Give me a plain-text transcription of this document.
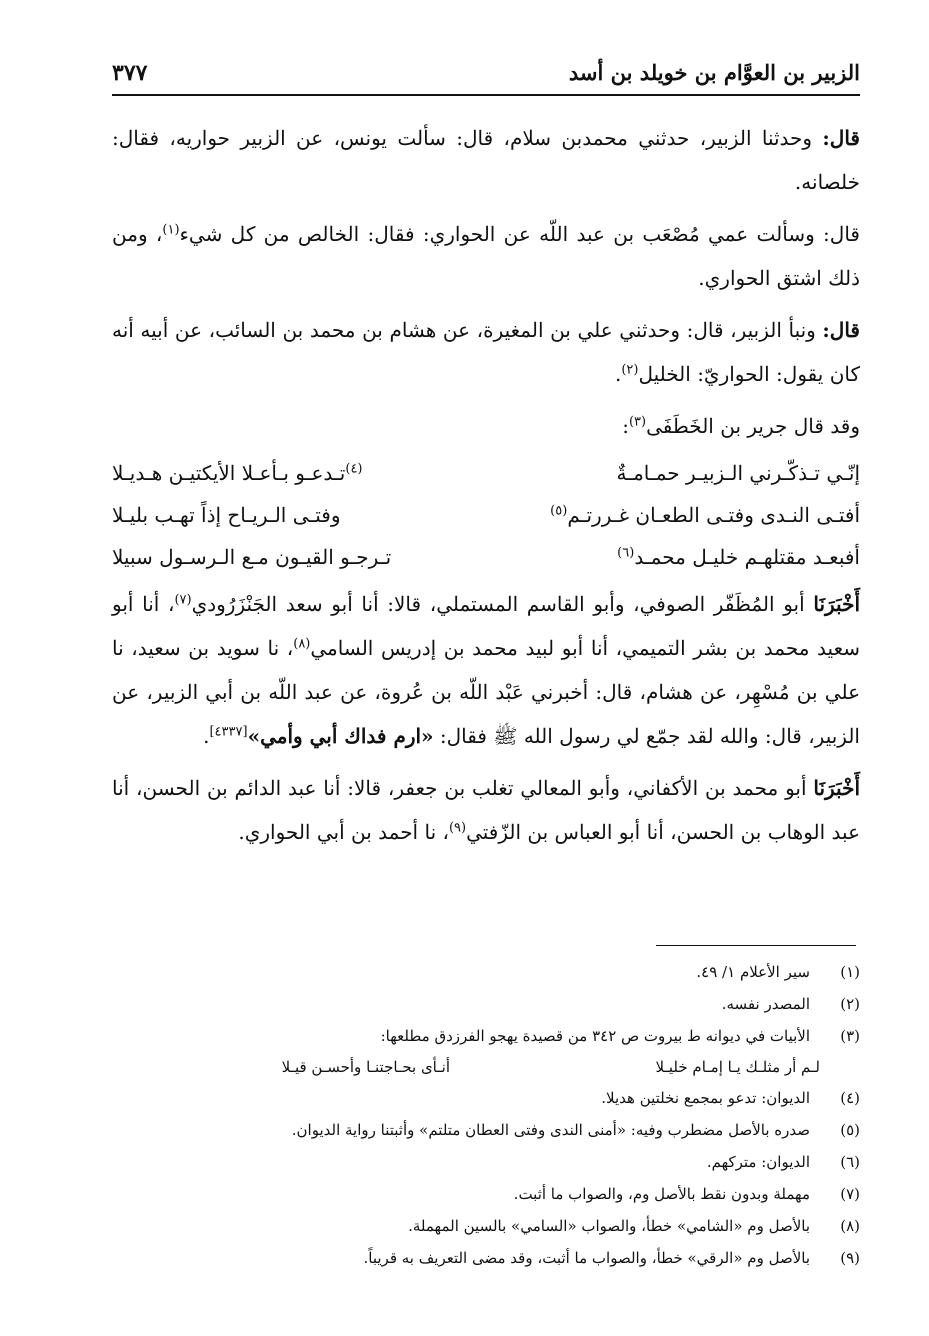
الزبير بن العوَّام بن خويلد بن أسد
٣٧٧

قال: وحدثنا الزبير، حدثني محمدبن سلام، قال: سألت يونس، عن الزبير حواريه، فقال: خلصانه.

قال: وسألت عمي مُصْعَب بن عبد اللّه عن الحواري: فقال: الخالص من كل شيء$^{(١)}$، ومن ذلك اشتق الحواري.

قال: ونبأ الزبير، قال: وحدثني علي بن المغيرة، عن هشام بن محمد بن السائب، عن أبيه أنه كان يقول: الحواريّ: الخليل$^{(٢)}$.

وقد قال جرير بن الخَطَفَى$^{(٣)}$:

إنّـي تـذكّـرني الـزبيـر حمـامـةٌ
$^{(٤)}$تـدعـو بـأعـلا الأيكتيـن هـديـلا
أفتـى النـدى وفتـى الطعـان غـررتـم$^{(٥)}$
وفتـى الـريـاح إذاً تهـب بليـلا
أفبعـد مقتلهـم خليـل محمـد$^{(٦)}$
تـرجـو القيـون مـع الـرسـول سبيلا

أَخْبَرَنَا أبو المُظَفّر الصوفي، وأبو القاسم المستملي، قالا: أنا أبو سعد الجَنْزَرُودي$^{(٧)}$، أنا أبو سعيد محمد بن بشر التميمي، أنا أبو لبيد محمد بن إدريس السامي$^{(٨)}$، نا سويد بن سعيد، نا علي بن مُسْهِر، عن هشام، قال: أخبرني عَبْد اللّه بن عُروة، عن عبد اللّه بن أبي الزبير، عن الزبير، قال: والله لقد جمّع لي رسول الله ﷺ فقال: «ارم فداك أبي وأمي»[٤٣٣٧].

أَخْبَرَنَا أبو محمد بن الأكفاني، وأبو المعالي تغلب بن جعفر، قالا: أنا عبد الدائم بن الحسن، أنا عبد الوهاب بن الحسن، أنا أبو العباس بن الزّفتي$^{(٩)}$، نا أحمد بن أبي الحواري.

(١)
سير الأعلام ١/ ٤٩.
(٢)
المصدر نفسه.
(٣)
الأبيات في ديوانه ط بيروت ص ٣٤٢ من قصيدة يهجو الفرزدق مطلعها:
لـم أر مثلـك يـا إمـام خليـلا
أنـأى بحـاجتنـا وأحسـن قيـلا
(٤)
الديوان: تدعو بمجمع نخلتين هديلا.
(٥)
صدره بالأصل مضطرب وفيه: «أمنى الندى وفتى العطان متلتم» وأثبتنا رواية الديوان.
(٦)
الديوان: متركهم.
(٧)
مهملة وبدون نقط بالأصل وم، والصواب ما أثبت.
(٨)
بالأصل وم «الشامي» خطأ، والصواب «السامي» بالسين المهملة.
(٩)
بالأصل وم «الرقي» خطأ، والصواب ما أثبت، وقد مضى التعريف به قريباً.
